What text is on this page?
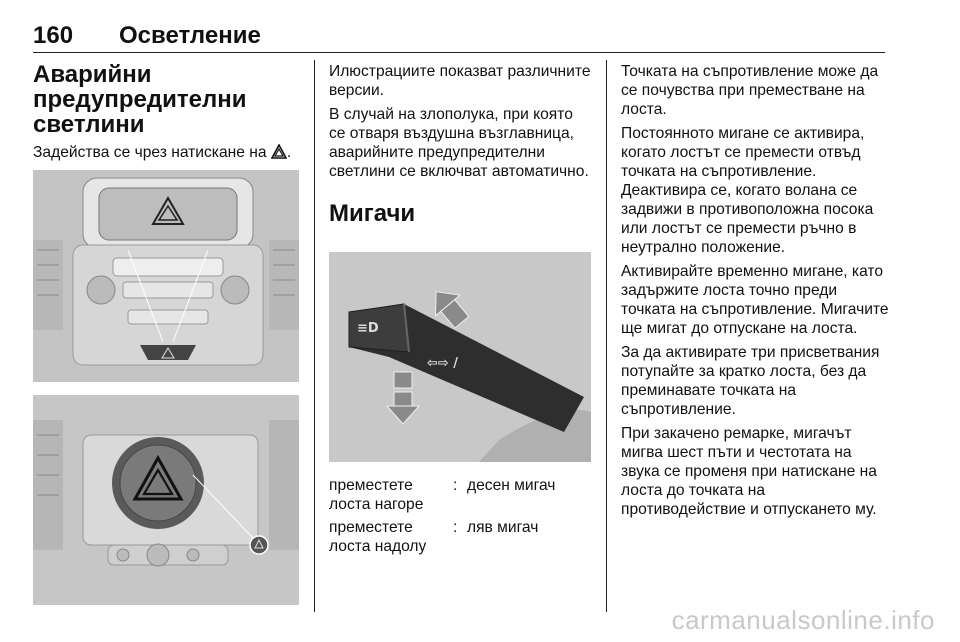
160 Осветление
Аварийни предупредителни светлини

Задействa се чрез натискане на .

Илюстрациите показват различните версии.

В случай на злополука, при която се отваря въздушна възглавница, аварийните предупредителни светлини се включват автоматично.

Мигачи
≡D
⇦⇨ /
преместете лоста нагоре
: десен мигач
преместете лоста надолу
: ляв мигач

Точката на съпротивление може да се почувства при преместване на лоста.

Постоянното мигане се активира, когато лостът се премести отвъд точката на съпротивление. Деактивира се, когато волана се задвижи в противоположна посока или лостът се премести ръчно в неутрално положение.

Активирайте временно мигане, като задържите лоста точно преди точката на съпротивление. Мигачите ще мигат до отпускане на лоста.

За да активирате три присветвания потупайте за кратко лоста, без да преминавате точката на съпротивление.

При закачено ремарке, мигачът мигва шест пъти и честотата на звука се променя при натискане на лоста до точката на противодействие и отпускането му.

carmanualsonline.info
